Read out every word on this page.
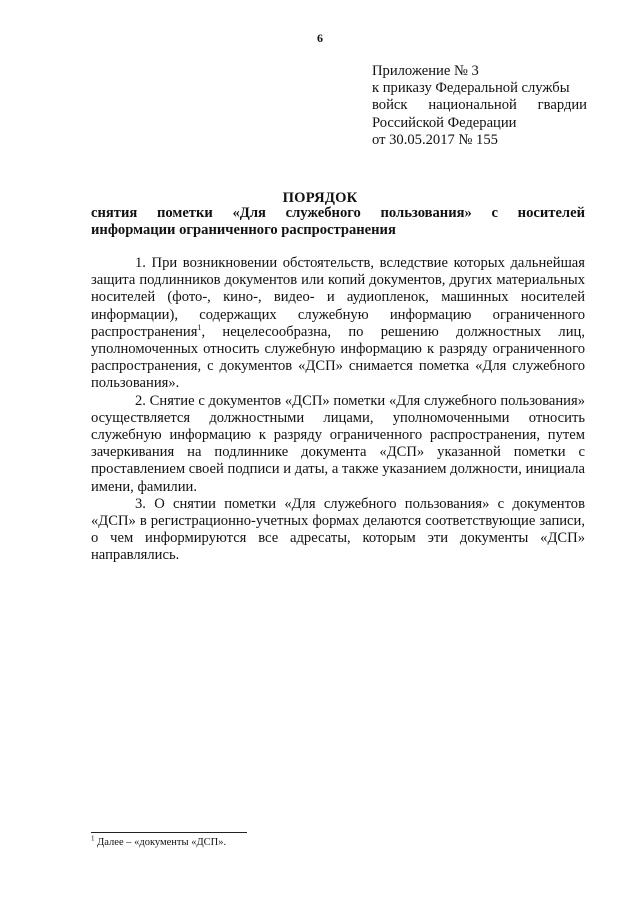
6
Приложение № 3
к приказу Федеральной службы
войск национальной гвардии
Российской Федерации
от 30.05.2017 № 155
ПОРЯДОК
снятия пометки «Для служебного пользования» с носителей
информации ограниченного распространения

1. При возникновении обстоятельств, вследствие которых дальнейшая защита подлинников документов или копий документов, других материальных носителей (фото-, кино-, видео- и аудиопленок, машинных носителей информации), содержащих служебную информацию ограниченного распространения$^1$, нецелесообразна, по решению должностных лиц, уполномоченных относить служебную информацию к разряду ограниченного распространения, с документов «ДСП» снимается пометка «Для служебного пользования».

2. Снятие с документов «ДСП» пометки «Для служебного пользования» осуществляется должностными лицами, уполномоченными относить служебную информацию к разряду ограниченного распространения, путем зачеркивания на подлиннике документа «ДСП» указанной пометки с проставлением своей подписи и даты, а также указанием должности, инициала имени, фамилии.

3. О снятии пометки «Для служебного пользования» с документов «ДСП» в регистрационно-учетных формах делаются соответствующие записи, о чем информируются все адресаты, которым эти документы «ДСП» направлялись.

$^1$ Далее – «документы «ДСП».
